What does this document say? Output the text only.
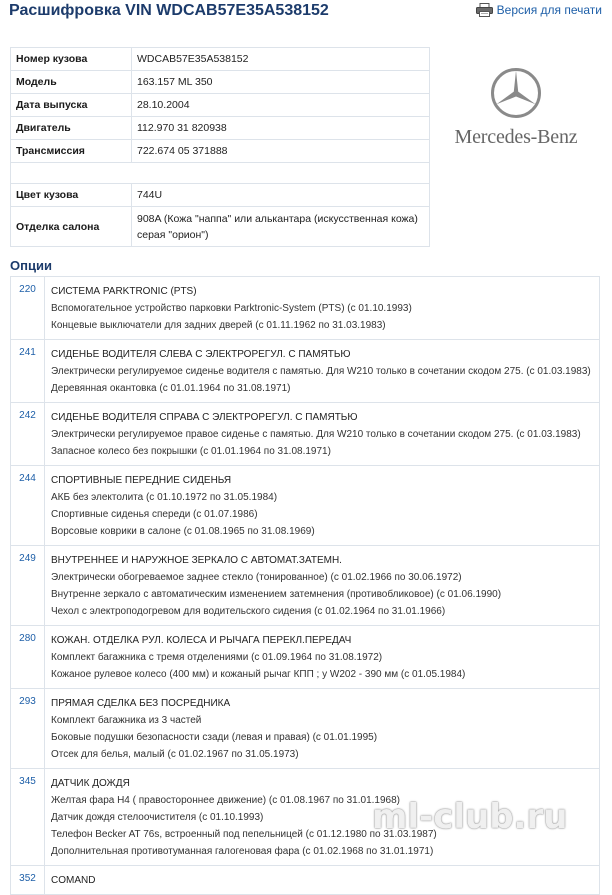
Расшифровка VIN WDCAB57E35A538152	Версия для печати
Номер кузова	WDCAB57E35A538152
Модель	163.157 ML 350
Дата выпуска	28.10.2004
Двигатель	112.970 31 820938
Трансмиссия	722.674 05 371888

Цвет кузова	744U
Отделка салона	908A (Кожа "наппа" или алькантара (искусственная кожа) серая "орион")
Mercedes-Benz
Опции
220	СИСТЕМА PARKTRONIC (PTS)
Вспомогательное устройство парковки Parktronic-System (PTS) (с 01.10.1993)
Концевые выключатели для задних дверей (с 01.11.1962 по 31.03.1983)

241	СИДЕНЬЕ ВОДИТЕЛЯ СЛЕВА С ЭЛЕКТРОРЕГУЛ. С ПАМЯТЬЮ
Электрически регулируемое сиденье водителя с памятью. Для W210 только в сочетании скодом 275. (с 01.03.1983)
Деревянная окантовка (с 01.01.1964 по 31.08.1971)

242	СИДЕНЬЕ ВОДИТЕЛЯ СПРАВА С ЭЛЕКТРОРЕГУЛ. С ПАМЯТЬЮ
Электрически регулируемое правое сиденье с памятью. Для W210 только в сочетании скодом 275. (с 01.03.1983)
Запасное колесо без покрышки (с 01.01.1964 по 31.08.1971)

244	СПОРТИВНЫЕ ПЕРЕДНИЕ СИДЕНЬЯ
АКБ без электолита (с 01.10.1972 по 31.05.1984)
Спортивные сиденья спереди (с 01.07.1986)
Ворсовые коврики в салоне (с 01.08.1965 по 31.08.1969)

249	ВНУТРЕННЕЕ И НАРУЖНОЕ ЗЕРКАЛО С АВТОМАТ.ЗАТЕМН.
Электрически обогреваемое заднее стекло (тонированное) (с 01.02.1966 по 30.06.1972)
Внутренне зеркало с автоматическим изменением затемнения (противобликовое) (с 01.06.1990)
Чехол с электроподогревом для водительского сидения (с 01.02.1964 по 31.01.1966)

280	КОЖАН. ОТДЕЛКА РУЛ. КОЛЕСА И РЫЧАГА ПЕРЕКЛ.ПЕРЕДАЧ
Комплект багажника с тремя отделениями (с 01.09.1964 по 31.08.1972)
Кожаное рулевое колесо (400 мм) и кожаный рычаг КПП ; у W202 - 390 мм (с 01.05.1984)

293	ПРЯМАЯ СДЕЛКА БЕЗ ПОСРЕДНИКА
Комплект багажника из 3 частей
Боковые подушки безопасности сзади (левая и правая) (с 01.01.1995)
Отсек для белья, малый (с 01.02.1967 по 31.05.1973)

345	ДАТЧИК ДОЖДЯ
Желтая фара H4 ( правостороннее движение) (с 01.08.1967 по 31.01.1968)
Датчик дождя стелоочистителя (с 01.10.1993)
Телефон Becker AT 76s, встроенный под пепельницей (с 01.12.1980 по 31.03.1987)
Дополнительная противотуманная галогеновая фара (с 01.02.1968 по 31.01.1971)

352	COMAND
ml-club.ru
